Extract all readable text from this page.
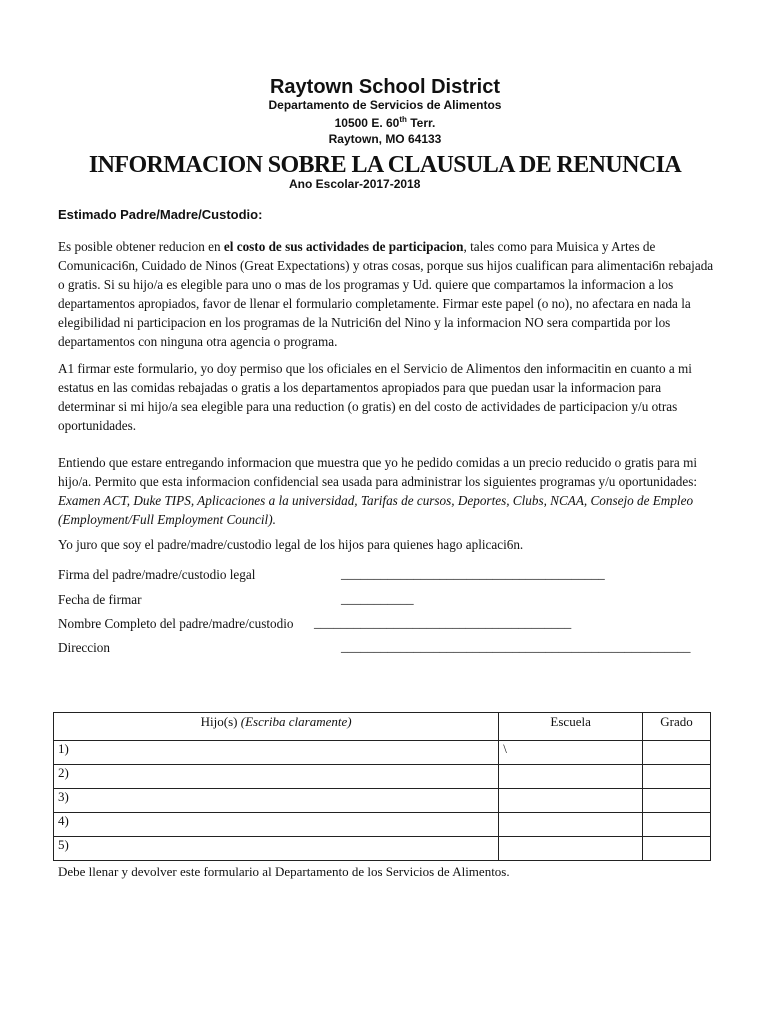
Raytown School District
Departamento de Servicios de Alimentos
10500 E. 60th Terr.
Raytown, MO 64133
INFORMACION SOBRE LA CLAUSULA DE RENUNCIA
Ano Escolar-2017-2018
Estimado Padre/Madre/Custodio:

Es posible obtener reducion en el costo de sus actividades de participacion, tales como para Muisica y Artes de Comunicaci6n, Cuidado de Ninos (Great Expectations) y otras cosas, porque sus hijos cualifican para alimentaci6n rebajada o gratis. Si su hijo/a es elegible para uno o mas de los programas y Ud. quiere que compartamos la informacion a los departamentos apropiados, favor de llenar el formulario completamente. Firmar este papel (o no), no afectara en nada la elegibilidad ni participacion en los programas de la Nutrici6n del Nino y la informacion NO sera compartida por los departamentos con ninguna otra agencia o programa.

A1 firmar este formulario, yo doy permiso que los oficiales en el Servicio de Alimentos den informacitin en cuanto a mi estatus en las comidas rebajadas o gratis a los departamentos apropiados para que puedan usar la informacion para determinar si mi hijo/a sea elegible para una reduction (o gratis) en del costo de actividades de participacion y/u otras oportunidades.

Entiendo que estare entregando informacion que muestra que yo he pedido comidas a un precio reducido o gratis para mi hijo/a. Permito que esta informacion confidencial sea usada para administrar los siguientes programas y/u oportunidades: Examen ACT, Duke TIPS, Aplicaciones a la universidad, Tarifas de cursos, Deportes, Clubs, NCAA, Consejo de Empleo (Employment/Full Employment Council).

Yo juro que soy el padre/madre/custodio legal de los hijos para quienes hago aplicaci6n.

Firma del padre/madre/custodio legal	________________________________________
Fecha de firmar	___________
Nombre Completo del padre/madre/custodio _______________________________________
Direccion	_____________________________________________________
Hijo(s) (Escriba claramente)	Escuela	Grado
1)	\	
2)		
3)		
4)		
5)		
Debe llenar y devolver este formulario al Departamento de los Servicios de Alimentos.
